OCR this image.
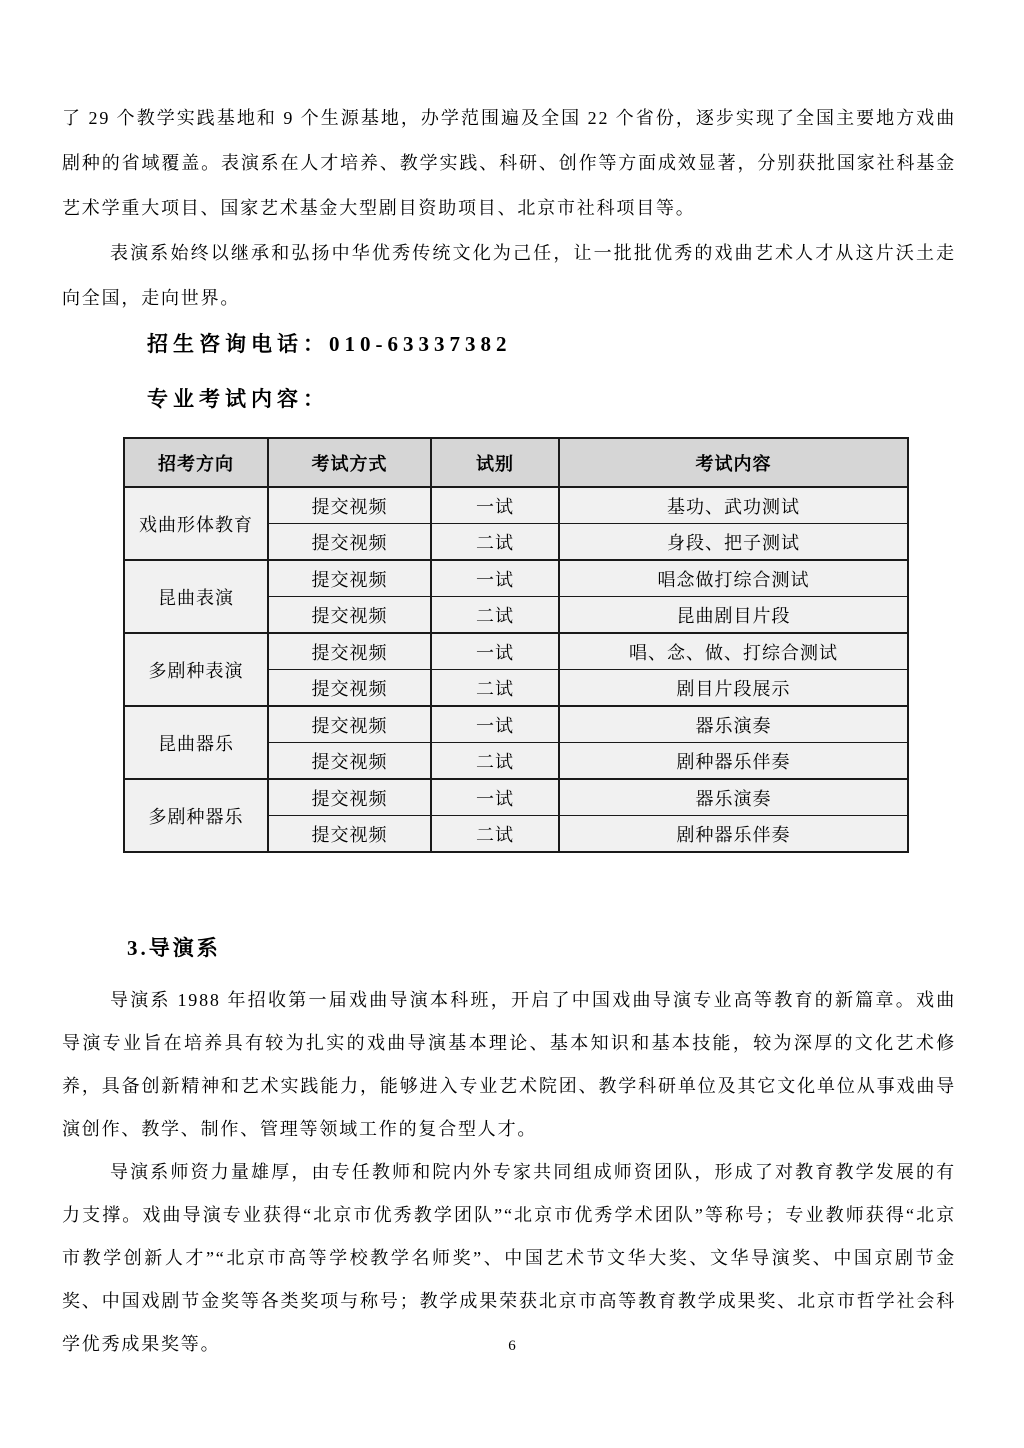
了 29 个教学实践基地和 9 个生源基地，办学范围遍及全国 22 个省份，逐步实现了全国主要地方戏曲剧种的省域覆盖。表演系在人才培养、教学实践、科研、创作等方面成效显著，分别获批国家社科基金艺术学重大项目、国家艺术基金大型剧目资助项目、北京市社科项目等。

表演系始终以继承和弘扬中华优秀传统文化为己任，让一批批优秀的戏曲艺术人才从这片沃土走向全国，走向世界。

招生咨询电话：010-63337382

专业考试内容：

招考方向	考试方式	试别	考试内容
戏曲形体教育	提交视频	一试	基功、武功测试
	提交视频	二试	身段、把子测试
昆曲表演	提交视频	一试	唱念做打综合测试
	提交视频	二试	昆曲剧目片段
多剧种表演	提交视频	一试	唱、念、做、打综合测试
	提交视频	二试	剧目片段展示
昆曲器乐	提交视频	一试	器乐演奏
	提交视频	二试	剧种器乐伴奏
多剧种器乐	提交视频	一试	器乐演奏
	提交视频	二试	剧种器乐伴奏

3.导演系

导演系 1988 年招收第一届戏曲导演本科班，开启了中国戏曲导演专业高等教育的新篇章。戏曲导演专业旨在培养具有较为扎实的戏曲导演基本理论、基本知识和基本技能，较为深厚的文化艺术修养，具备创新精神和艺术实践能力，能够进入专业艺术院团、教学科研单位及其它文化单位从事戏曲导演创作、教学、制作、管理等领域工作的复合型人才。

导演系师资力量雄厚，由专任教师和院内外专家共同组成师资团队，形成了对教育教学发展的有力支撑。戏曲导演专业获得“北京市优秀教学团队”“北京市优秀学术团队”等称号；专业教师获得“北京市教学创新人才”“北京市高等学校教学名师奖”、中国艺术节文华大奖、文华导演奖、中国京剧节金奖、中国戏剧节金奖等各类奖项与称号；教学成果荣获北京市高等教育教学成果奖、北京市哲学社会科学优秀成果奖等。	6
